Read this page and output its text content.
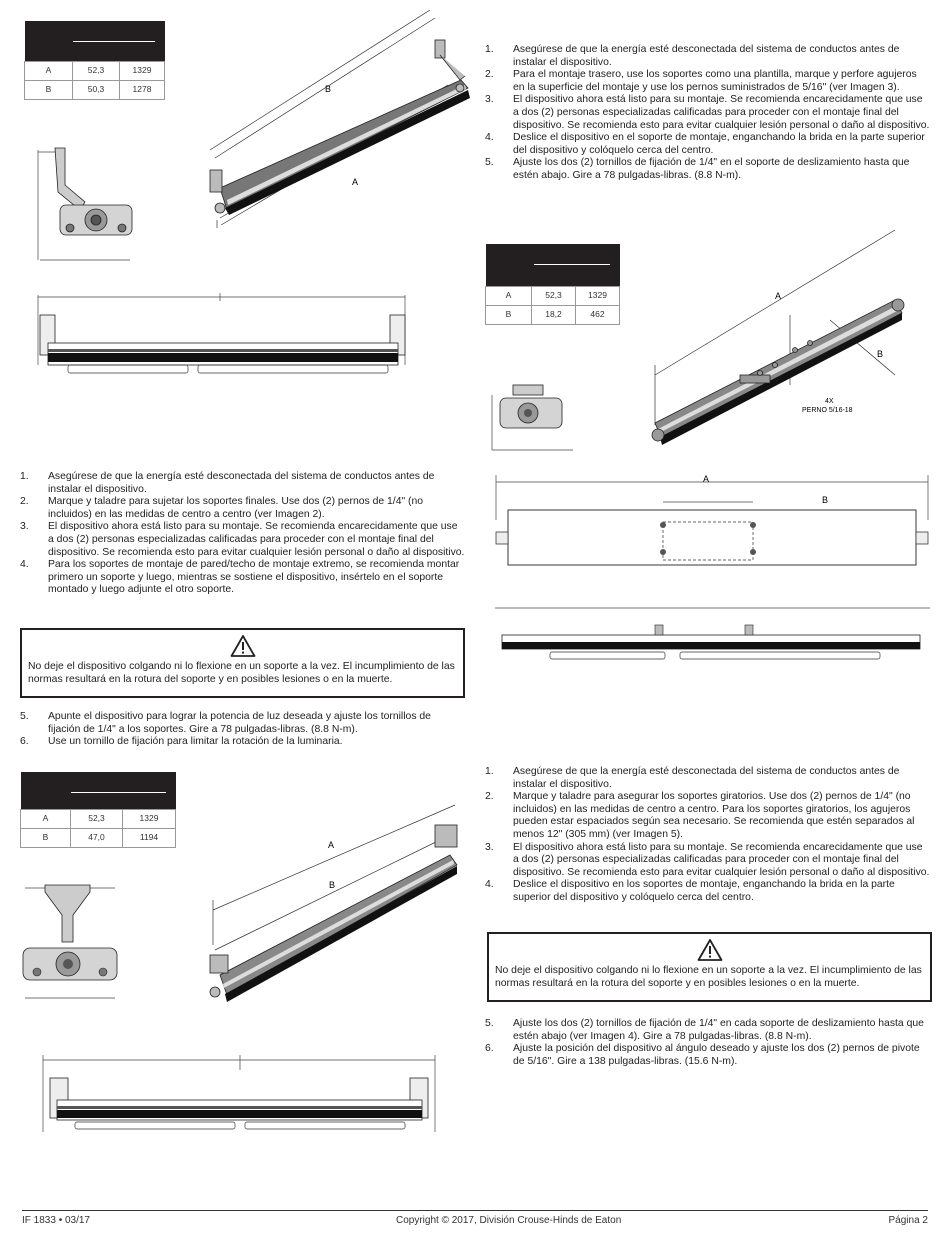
A	52,3	1329
B	50,3	1278

A	52,3	1329
B	18,2	462

A	52,3	1329
B	47,0	1194
1. Asegúrese de que la energía esté desconectada del sistema de conductos antes de instalar el dispositivo.
2. Marque y taladre para sujetar los soportes finales. Use dos (2) pernos de 1/4" (no incluidos) en las medidas de centro a centro (ver Imagen 2).
3. El dispositivo ahora está listo para su montaje. Se recomienda encarecidamente que use a dos (2) personas especializadas calificadas para proceder con el montaje final del dispositivo. Se recomienda esto para evitar cualquier lesión personal o daño al dispositivo.
4. Para los soportes de montaje de pared/techo de montaje extremo, se recomienda montar primero un soporte y luego, mientras se sostiene el dispositivo, insértelo en el soporte montado y luego adjunte el otro soporte.
No deje el dispositivo colgando ni lo flexione en un soporte a la vez. El incumplimiento de las normas resultará en la rotura del soporte y en posibles lesiones o en la muerte.
5. Apunte el dispositivo para lograr la potencia de luz deseada y ajuste los tornillos de fijación de 1/4" a los soportes. Gire a 78 pulgadas-libras. (8.8 N-m).
6. Use un tornillo de fijación para limitar la rotación de la luminaria.
1. Asegúrese de que la energía esté desconectada del sistema de conductos antes de instalar el dispositivo.
2. Para el montaje trasero, use los soportes como una plantilla, marque y perfore agujeros en la superficie del montaje y use los pernos suministrados de 5/16" (ver Imagen 3).
3. El dispositivo ahora está listo para su montaje. Se recomienda encarecidamente que use a dos (2) personas especializadas calificadas para proceder con el montaje final del dispositivo. Se recomienda esto para evitar cualquier lesión personal o daño al dispositivo.
4. Deslice el dispositivo en el soporte de montaje, enganchando la brida en la parte superior del dispositivo y colóquelo cerca del centro.
5. Ajuste los dos (2) tornillos de fijación de 1/4" en el soporte de deslizamiento hasta que estén abajo. Gire a 78 pulgadas-libras. (8.8 N-m).
1. Asegúrese de que la energía esté desconectada del sistema de conductos antes de instalar el dispositivo.
2. Marque y taladre para asegurar los soportes giratorios. Use dos (2) pernos de 1/4" (no incluidos) en las medidas de centro a centro. Para los soportes giratorios, los agujeros pueden estar espaciados según sea necesario. Se recomienda que estén separados al menos 12" (305 mm) (ver Imagen 5).
3. El dispositivo ahora está listo para su montaje. Se recomienda encarecidamente que use a dos (2) personas especializadas calificadas para proceder con el montaje final del dispositivo. Se recomienda esto para evitar cualquier lesión personal o daño al dispositivo.
4. Deslice el dispositivo en los soportes de montaje, enganchando la brida en la parte superior del dispositivo y colóquelo cerca del centro.
No deje el dispositivo colgando ni lo flexione en un soporte a la vez. El incumplimiento de las normas resultará en la rotura del soporte y en posibles lesiones o en la muerte.
5. Ajuste los dos (2) tornillos de fijación de 1/4" en cada soporte de deslizamiento hasta que estén abajo (ver Imagen 4). Gire a 78 pulgadas-libras. (8.8 N-m).
6. Ajuste la posición del dispositivo al ángulo deseado y ajuste los dos (2) pernos de pivote de 5/16". Gire a 138 pulgadas-libras. (15.6 N-m).
B
A
A
B
4X
PERNO 5/16-18
A
B
A
B
IF 1833 • 03/17	Copyright © 2017, División Crouse-Hinds de Eaton	Página 2
